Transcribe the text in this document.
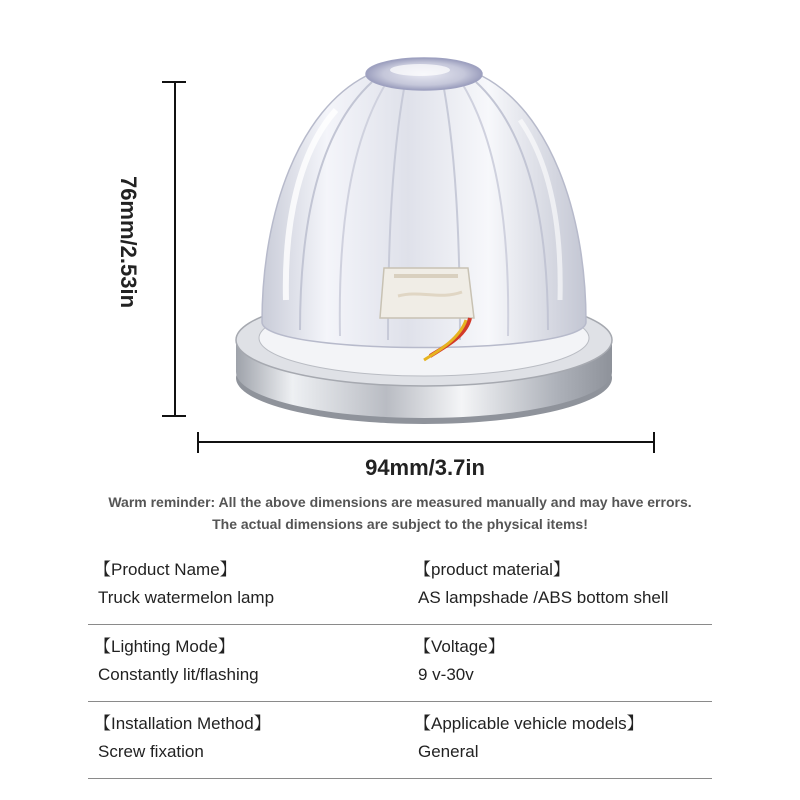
76mm/2.53in
94mm/3.7in
Warm reminder: All the above dimensions are measured manually and may have errors.
The actual dimensions are subject to the physical items!
【Product Name】
Truck watermelon lamp
【product material】
AS lampshade /ABS bottom shell
【Lighting Mode】
Constantly lit/flashing
【Voltage】
9 v-30v
【Installation Method】
Screw fixation
【Applicable vehicle models】
General
